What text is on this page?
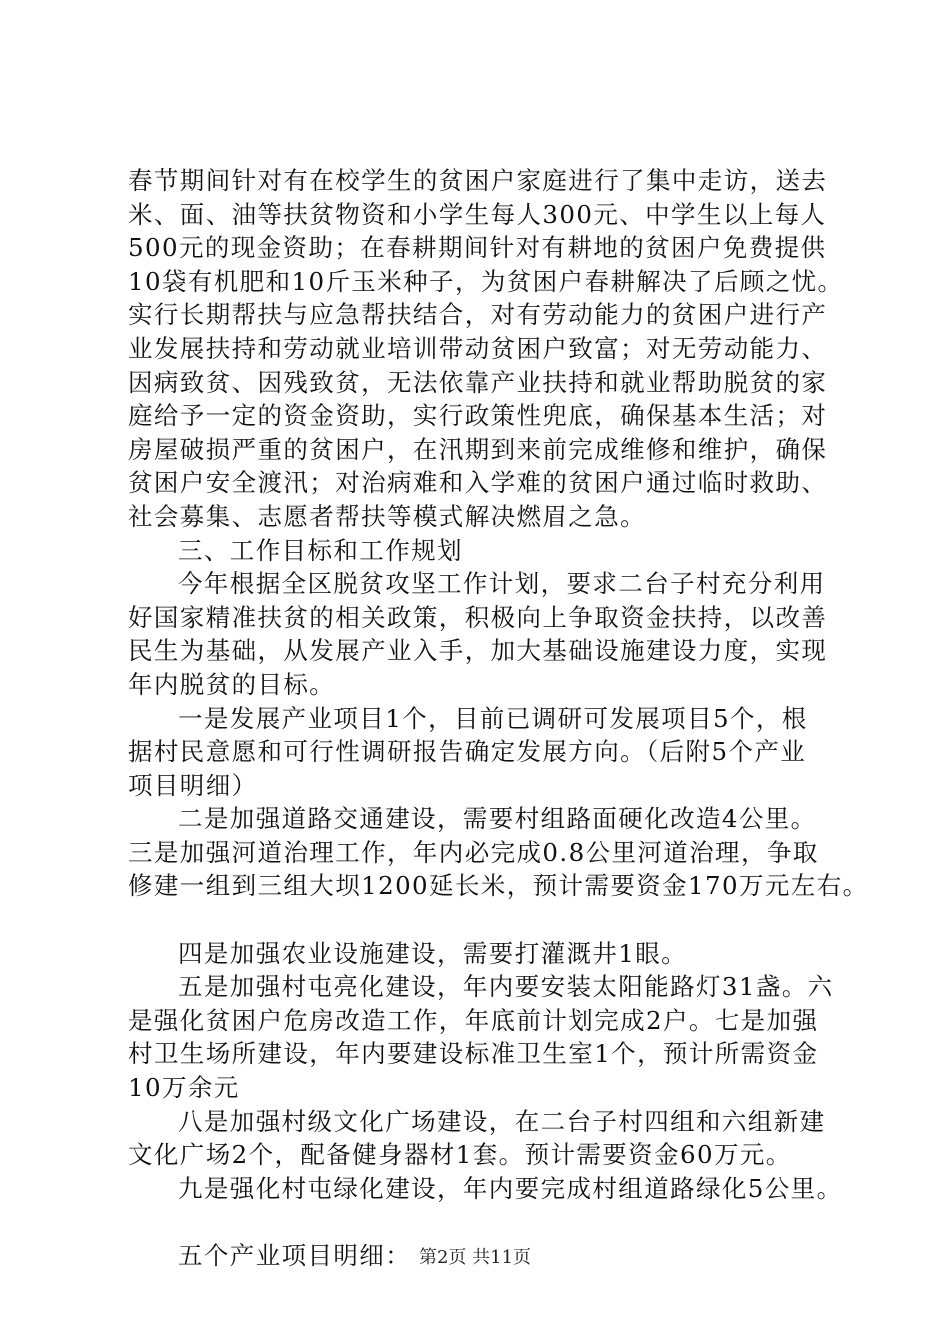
春节期间针对有在校学生的贫困户家庭进行了集中走访，送去
米、面、油等扶贫物资和小学生每人300元、中学生以上每人
500元的现金资助；在春耕期间针对有耕地的贫困户免费提供
10袋有机肥和10斤玉米种子，为贫困户春耕解决了后顾之忧。
实行长期帮扶与应急帮扶结合，对有劳动能力的贫困户进行产
业发展扶持和劳动就业培训带动贫困户致富；对无劳动能力、
因病致贫、因残致贫，无法依靠产业扶持和就业帮助脱贫的家
庭给予一定的资金资助，实行政策性兜底，确保基本生活；对
房屋破损严重的贫困户，在汛期到来前完成维修和维护，确保
贫困户安全渡汛；对治病难和入学难的贫困户通过临时救助、
社会募集、志愿者帮扶等模式解决燃眉之急。
三、工作目标和工作规划
今年根据全区脱贫攻坚工作计划，要求二台子村充分利用
好国家精准扶贫的相关政策，积极向上争取资金扶持，以改善
民生为基础，从发展产业入手，加大基础设施建设力度，实现
年内脱贫的目标。
一是发展产业项目1个，目前已调研可发展项目5个，根
据村民意愿和可行性调研报告确定发展方向。（后附5个产业
项目明细）
二是加强道路交通建设，需要村组路面硬化改造4公里。
三是加强河道治理工作，年内必完成0.8公里河道治理，争取
修建一组到三组大坝1200延长米，预计需要资金170万元左右。
四是加强农业设施建设，需要打灌溉井1眼。
五是加强村屯亮化建设，年内要安装太阳能路灯31盏。六
是强化贫困户危房改造工作，年底前计划完成2户。七是加强
村卫生场所建设，年内要建设标准卫生室1个，预计所需资金
10万余元
八是加强村级文化广场建设，在二台子村四组和六组新建
文化广场2个，配备健身器材1套。预计需要资金60万元。
九是强化村屯绿化建设，年内要完成村组道路绿化5公里。
五个产业项目明细： 第2页 共11页
